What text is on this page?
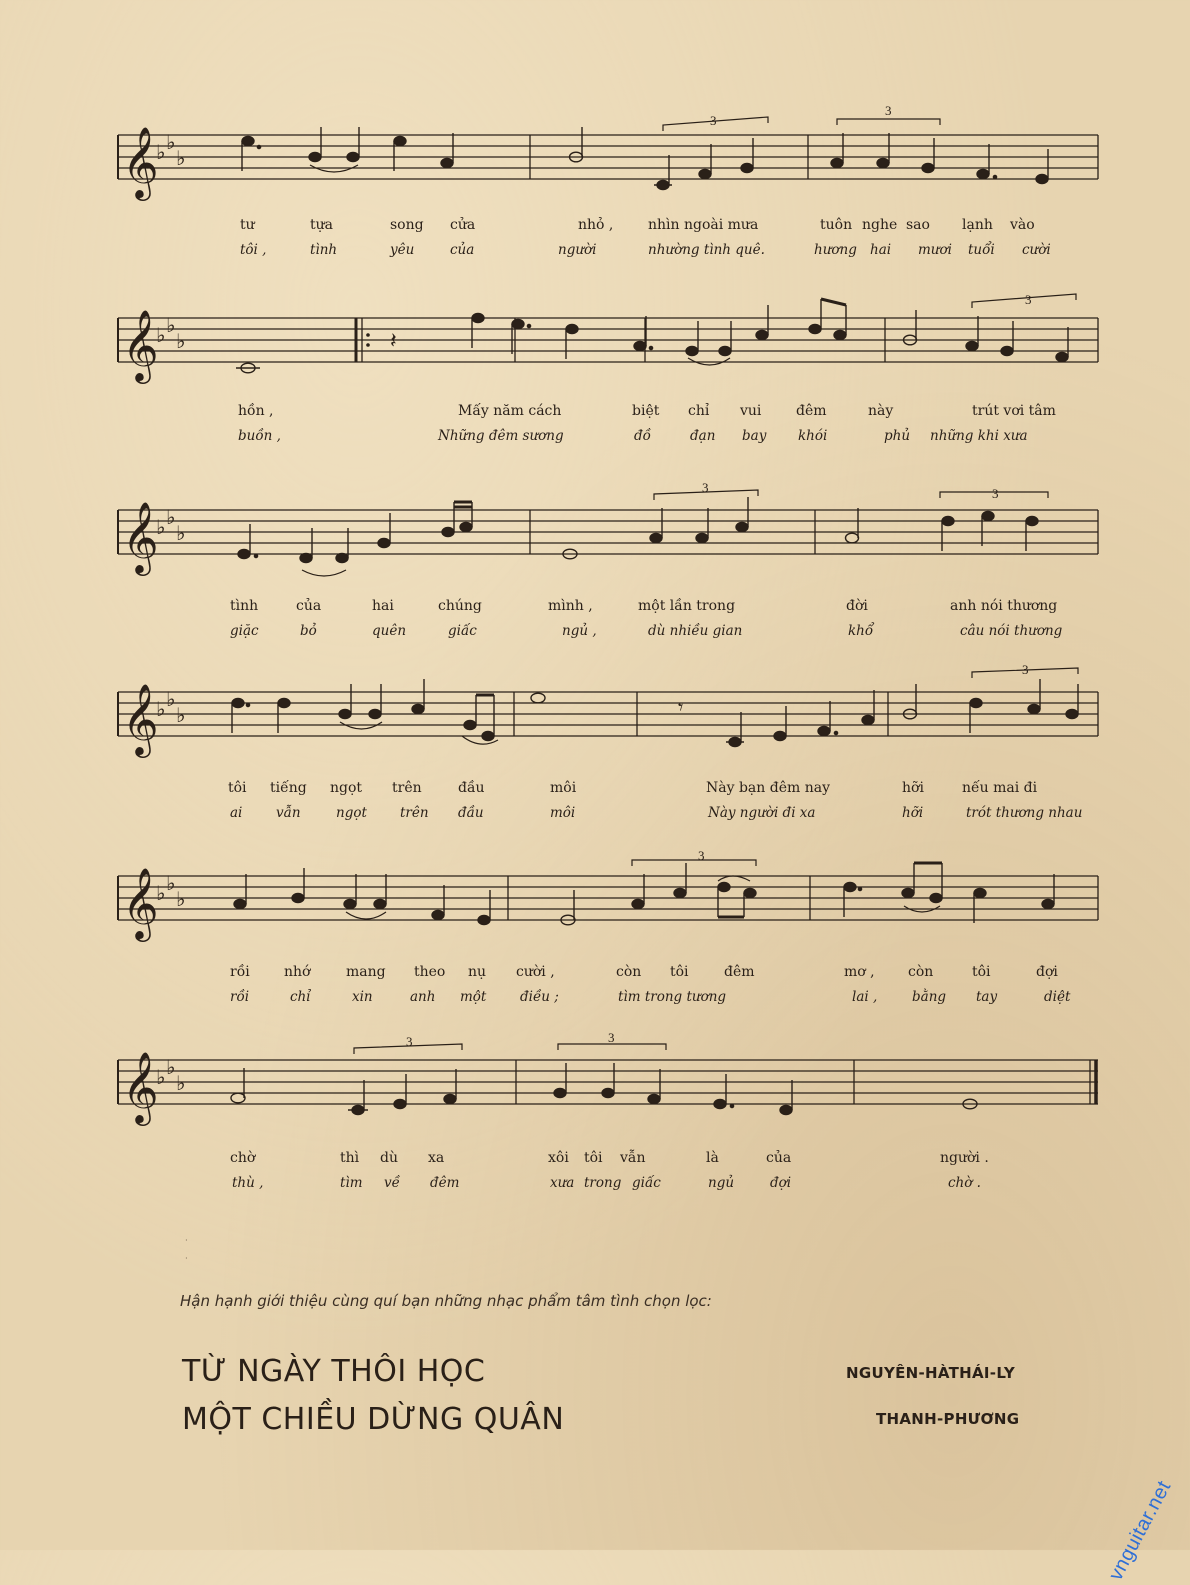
𝄞
♭ ♭
♭
3
3
tư	tựa	song cửa	nhỏ , nhìn ngoài mưa	tuôn nghe sao lạnh vào
tôi ,	tình	yêu	của	người	nhường tình quê.	hương hai mươi tuổi cười
𝄞
♭ ♭
♭	𝄽
3
hồn ,	Mấy năm cách	biệt chỉ vui đêm	này	trút vơi tâm
buồn ,	Những đêm sương	đồ	đạn bay khói	phủ những khi xưa
𝄞
♭ ♭
♭
3	3
tình	của	hai	chúng	mình ,	một lần trong	đời	anh nói thương
giặc	bỏ	quên	giấc	ngủ ,	dù nhiều gian	khổ	câu nói thương
𝄞
♭ ♭
♭	𝄾
3
tôi tiếng ngọt trên	đầu	môi	Này bạn đêm nay	hỡi	nếu mai đi
ai vẫn	ngọt trên đầu	môi	Này người đi xa	hỡi	trót thương nhau
𝄞
♭ ♭
♭
3
rồi nhớ	mang theo nụ cười ,	còn tôi	đêm	mơ , còn	tôi	đợi
rồi	chỉ	xin	anh một điều ;	tìm trong tương	lai ,	bằng tay	diệt
𝄞
♭ ♭
♭
3	3
chờ	thì dù xa	xôi tôi vẫn	là	của	người .
thù ,	tìm về đêm	xưa trong giấc	ngủ	đợi	chờ .
·

·
Hận hạnh giới thiệu cùng quí bạn những nhạc phẩm tâm tình chọn lọc:
TỪ NGÀY THÔI HỌC	NGUYÊN-HÀTHÁI-LY
MỘT CHIỀU DỪNG QUÂN	THANH-PHƯƠNG
vnguitar.net
